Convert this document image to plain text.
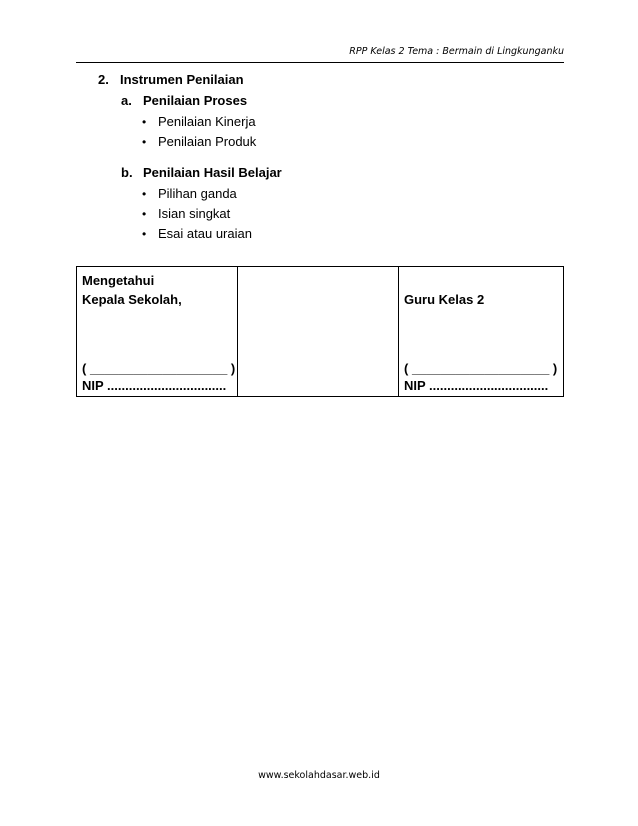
RPP Kelas 2 Tema : Bermain di Lingkunganku
2. Instrumen Penilaian
a. Penilaian Proses
• Penilaian Kinerja
• Penilaian Produk
b. Penilaian Hasil Belajar
• Pilihan ganda
• Isian singkat
• Esai atau uraian
Mengetahui
Kepala Sekolah,
( ___________________ )
NIP .................................

Guru Kelas 2
( ___________________ )
NIP .................................
www.sekolahdasar.web.id
